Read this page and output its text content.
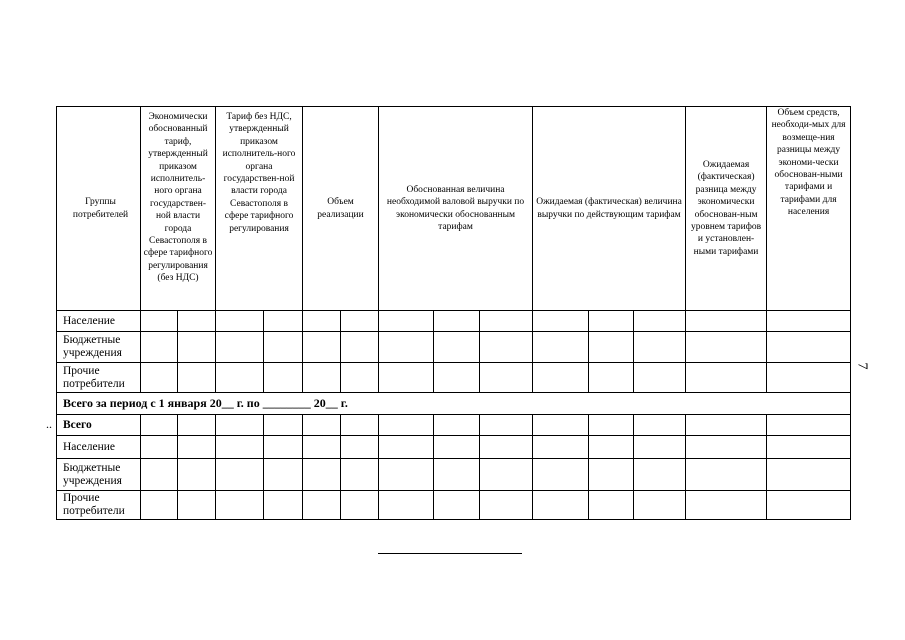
Группы потребителей	Экономически обоснованный тариф, утвержденный приказом исполнитель-ного органа государствен-ной власти города Севастополя в сфере тарифного регулирования (без НДС)		Тариф без НДС, утвержденный приказом исполнитель-ного органа государствен-ной власти города Севастополя в сфере тарифного регулирования		Объем реализации		Обоснованная величина необходимой валовой выручки по экономически обоснованным тарифам			Ожидаемая (фактическая) величина выручки по действующим тарифам			Ожидаемая (фактическая) разница между экономически обоснован-ным уровнем тарифов и установлен-ными тарифами	Объем средств, необходи-мых для возмеще-ния разницы между экономи-чески обоснован-ными тарифами и тарифами для населения
Население														
Бюджетные учреждения														
Прочие потребители														
Всего за период с 1 января 20__ г. по ________ 20__ г.														
Всего														
Население														
Бюджетные учреждения														
Прочие потребители														
..
7
